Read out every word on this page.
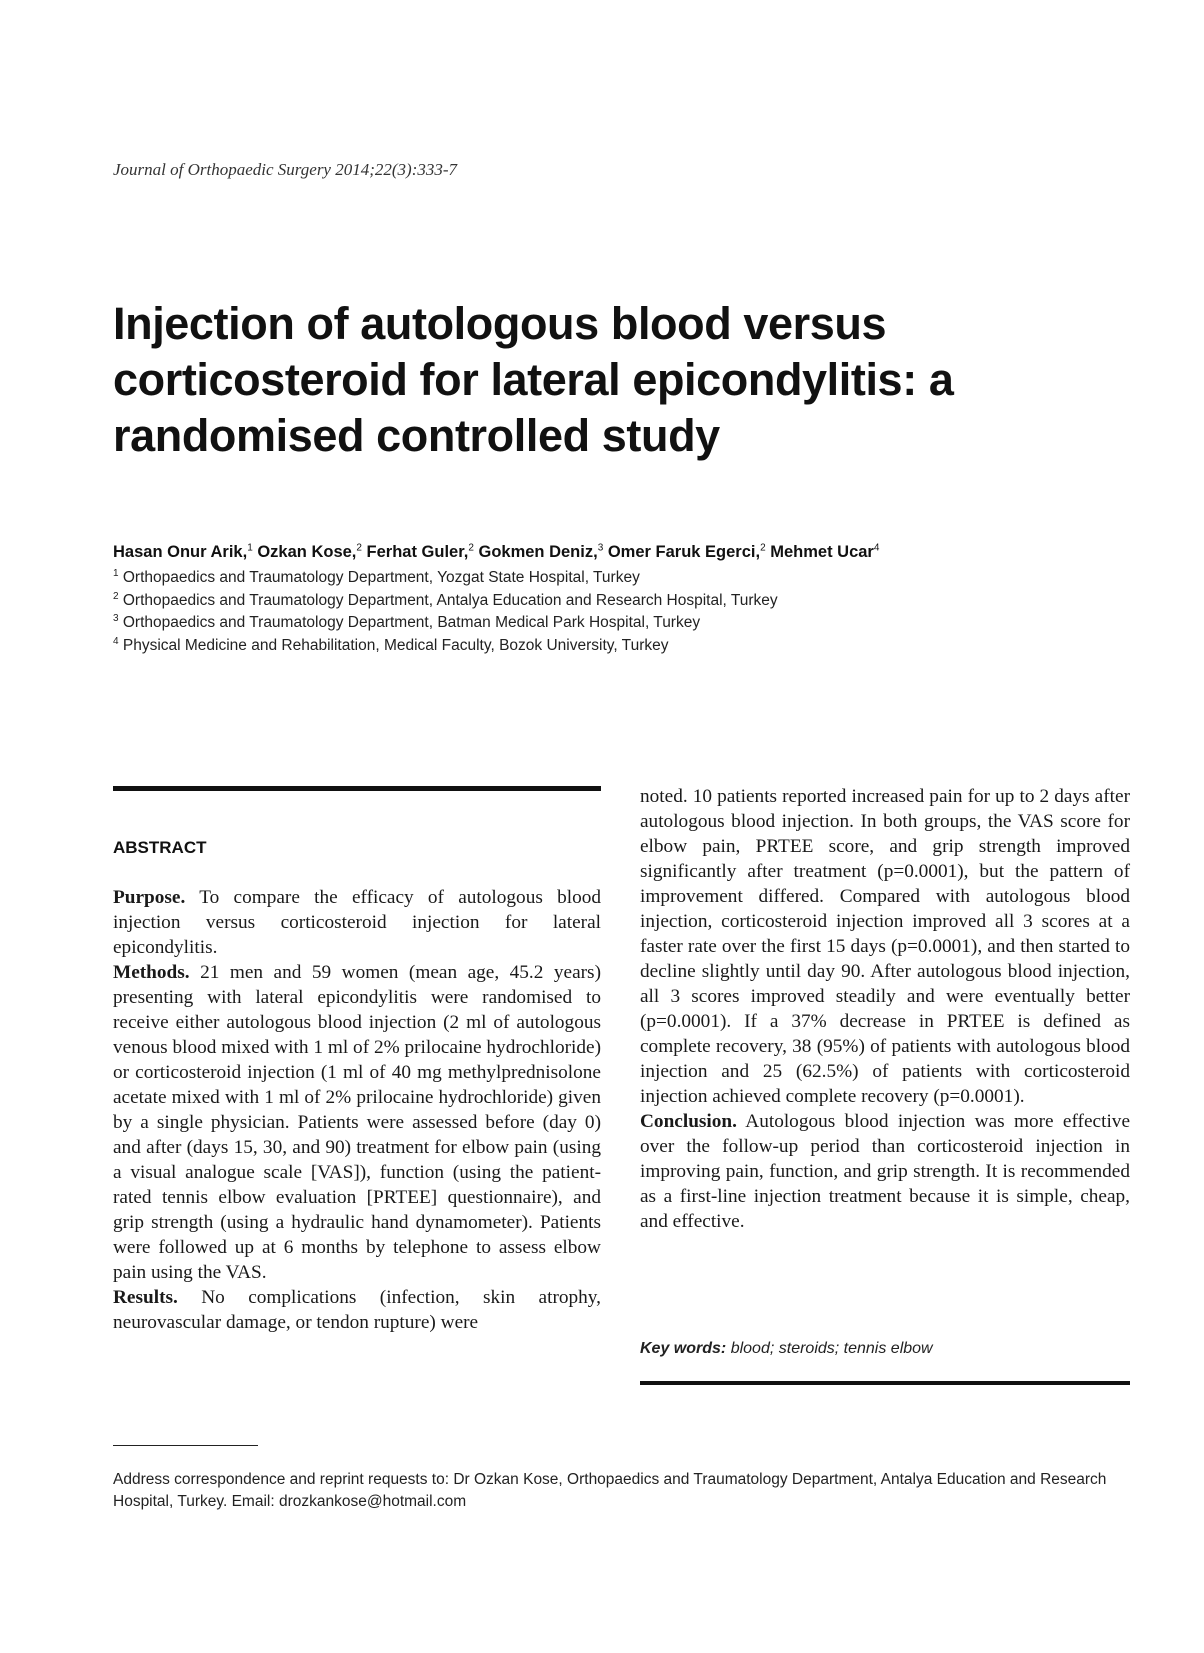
Journal of Orthopaedic Surgery 2014;22(3):333-7
Injection of autologous blood versus corticosteroid for lateral epicondylitis: a randomised controlled study
Hasan Onur Arik,$^1$ Ozkan Kose,$^2$ Ferhat Guler,$^2$ Gokmen Deniz,$^3$ Omer Faruk Egerci,$^2$ Mehmet Ucar$^4$
$^1$ Orthopaedics and Traumatology Department, Yozgat State Hospital, Turkey
$^2$ Orthopaedics and Traumatology Department, Antalya Education and Research Hospital, Turkey
$^3$ Orthopaedics and Traumatology Department, Batman Medical Park Hospital, Turkey
$^4$ Physical Medicine and Rehabilitation, Medical Faculty, Bozok University, Turkey
ABSTRACT

Purpose. To compare the efficacy of autologous blood injection versus corticosteroid injection for lateral epicondylitis.

Methods. 21 men and 59 women (mean age, 45.2 years) presenting with lateral epicondylitis were randomised to receive either autologous blood injection (2 ml of autologous venous blood mixed with 1 ml of 2% prilocaine hydrochloride) or corticosteroid injection (1 ml of 40 mg methylprednisolone acetate mixed with 1 ml of 2% prilocaine hydrochloride) given by a single physician. Patients were assessed before (day 0) and after (days 15, 30, and 90) treatment for elbow pain (using a visual analogue scale [VAS]), function (using the patient-rated tennis elbow evaluation [PRTEE] questionnaire), and grip strength (using a hydraulic hand dynamometer). Patients were followed up at 6 months by telephone to assess elbow pain using the VAS.

Results. No complications (infection, skin atrophy, neurovascular damage, or tendon rupture) were

noted. 10 patients reported increased pain for up to 2 days after autologous blood injection. In both groups, the VAS score for elbow pain, PRTEE score, and grip strength improved significantly after treatment (p=0.0001), but the pattern of improvement differed. Compared with autologous blood injection, corticosteroid injection improved all 3 scores at a faster rate over the first 15 days (p=0.0001), and then started to decline slightly until day 90. After autologous blood injection, all 3 scores improved steadily and were eventually better (p=0.0001). If a 37% decrease in PRTEE is defined as complete recovery, 38 (95%) of patients with autologous blood injection and 25 (62.5%) of patients with corticosteroid injection achieved complete recovery (p=0.0001).

Conclusion. Autologous blood injection was more effective over the follow-up period than corticosteroid injection in improving pain, function, and grip strength. It is recommended as a first-line injection treatment because it is simple, cheap, and effective.

Key words: blood; steroids; tennis elbow
Address correspondence and reprint requests to: Dr Ozkan Kose, Orthopaedics and Traumatology Department, Antalya Education and Research Hospital, Turkey. Email: drozkankose@hotmail.com
